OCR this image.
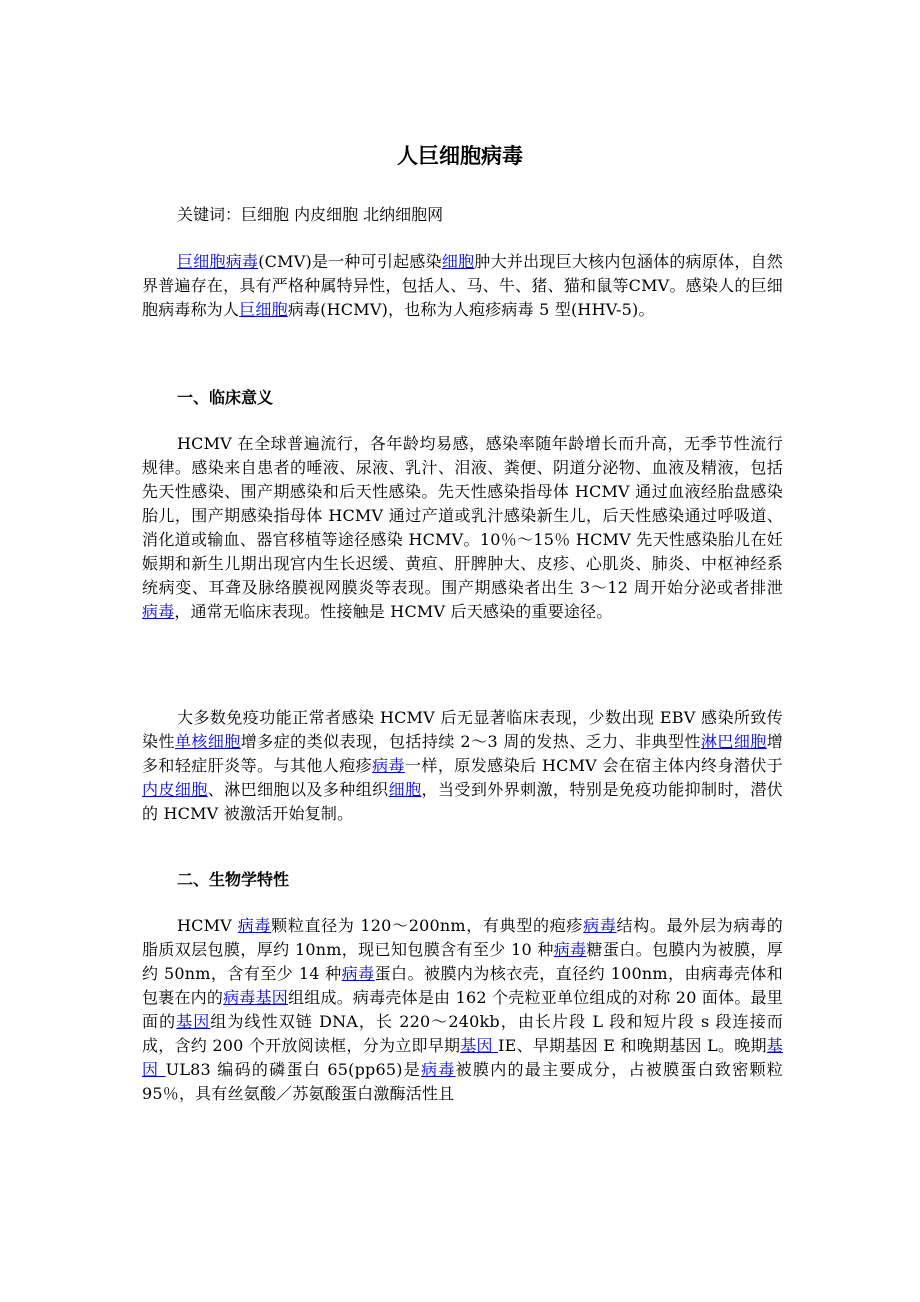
人巨细胞病毒
关键词：巨细胞 内皮细胞 北纳细胞网

巨细胞病毒(CMV)是一种可引起感染细胞肿大并出现巨大核内包涵体的病原体，自然界普遍存在，具有严格种属特异性，包括人、马、牛、猪、猫和鼠等CMV。感染人的巨细胞病毒称为人巨细胞病毒(HCMV)，也称为人疱疹病毒 5 型(HHV-5)。

一、临床意义

HCMV 在全球普遍流行，各年龄均易感，感染率随年龄增长而升高，无季节性流行规律。感染来自患者的唾液、尿液、乳汁、泪液、粪便、阴道分泌物、血液及精液，包括先天性感染、围产期感染和后天性感染。先天性感染指母体 HCMV 通过血液经胎盘感染胎儿，围产期感染指母体 HCMV 通过产道或乳汁感染新生儿，后天性感染通过呼吸道、消化道或输血、器官移植等途径感染 HCMV。10％～15％ HCMV 先天性感染胎儿在妊娠期和新生儿期出现宫内生长迟缓、黄疸、肝脾肿大、皮疹、心肌炎、肺炎、中枢神经系统病变、耳聋及脉络膜视网膜炎等表现。围产期感染者出生 3～12 周开始分泌或者排泄病毒，通常无临床表现。性接触是 HCMV 后天感染的重要途径。

大多数免疫功能正常者感染 HCMV 后无显著临床表现，少数出现 EBV 感染所致传染性单核细胞增多症的类似表现，包括持续 2～3 周的发热、乏力、非典型性淋巴细胞增多和轻症肝炎等。与其他人疱疹病毒一样，原发感染后 HCMV 会在宿主体内终身潜伏于内皮细胞、淋巴细胞以及多种组织细胞，当受到外界刺激，特别是免疫功能抑制时，潜伏的 HCMV 被激活开始复制。

二、生物学特性

HCMV 病毒颗粒直径为 120～200nm，有典型的疱疹病毒结构。最外层为病毒的脂质双层包膜，厚约 10nm，现已知包膜含有至少 10 种病毒糖蛋白。包膜内为被膜，厚约 50nm，含有至少 14 种病毒蛋白。被膜内为核衣壳，直径约 100nm，由病毒壳体和包裹在内的病毒基因组组成。病毒壳体是由 162 个壳粒亚单位组成的对称 20 面体。最里面的基因组为线性双链 DNA，长 220～240kb，由长片段 L 段和短片段 s 段连接而成，含约 200 个开放阅读框，分为立即早期基因 IE、早期基因 E 和晚期基因 L。晚期基因 UL83 编码的磷蛋白 65(pp65)是病毒被膜内的最主要成分，占被膜蛋白致密颗粒 95％，具有丝氨酸／苏氨酸蛋白激酶活性且
